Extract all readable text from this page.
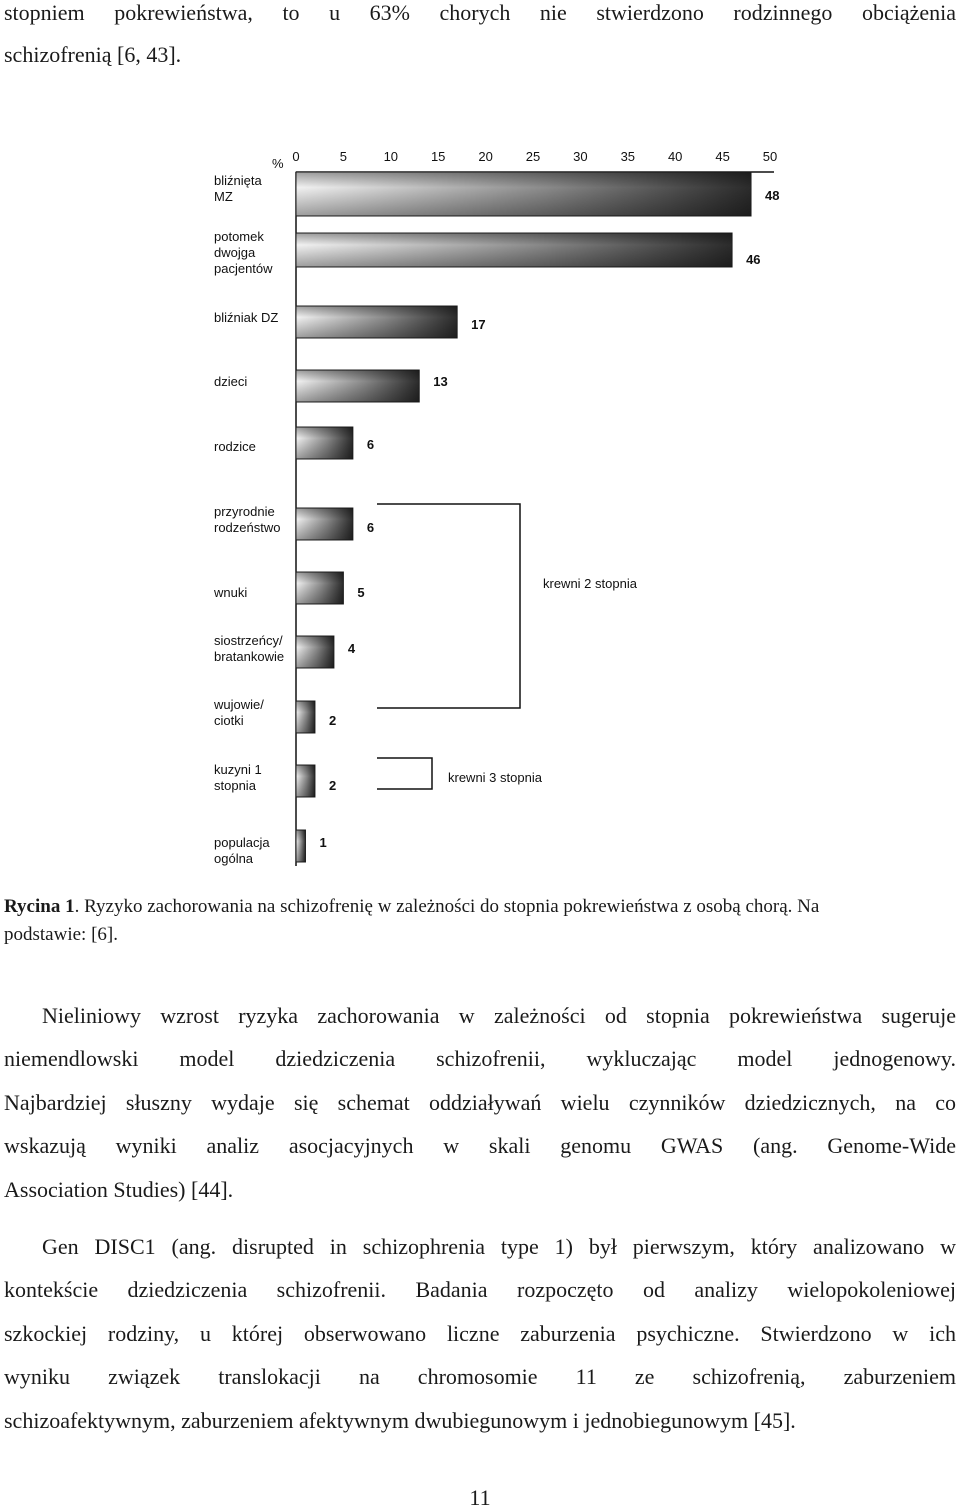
stopniem pokrewieństwa, to u 63% chorych nie stwierdzono rodzinnego obciążenia
schizofrenią [6, 43].
0	5	10	15	20	25	30	35	40	45	50
%
bliźnięta
MZ
potomek
dwojga
pacjentów
bliźniak DZ
dzieci
rodzice
przyrodnie
rodzeństwo
wnuki
siostrzeńcy/
bratankowie
wujowie/
ciotki
kuzyni 1
stopnia
populacja
ogólna
48
46
17
13
6
6
5
4
2
2
1
krewni 2 stopnia
krewni 3 stopnia
Rycina 1. Ryzyko zachorowania na schizofrenię w zależności do stopnia pokrewieństwa z osobą chorą. Na
podstawie: [6].
Nieliniowy wzrost ryzyka zachorowania w zależności od stopnia pokrewieństwa sugeruje
niemendlowski model dziedziczenia schizofrenii, wykluczając model jednogenowy.
Najbardziej słuszny wydaje się schemat oddziaływań wielu czynników dziedzicznych, na co
wskazują wyniki analiz asocjacyjnych w skali genomu GWAS (ang. Genome-Wide
Association Studies) [44].
Gen DISC1 (ang. disrupted in schizophrenia type 1) był pierwszym, który analizowano w
kontekście dziedziczenia schizofrenii. Badania rozpoczęto od analizy wielopokoleniowej
szkockiej rodziny, u której obserwowano liczne zaburzenia psychiczne. Stwierdzono w ich
wyniku związek translokacji na chromosomie 11 ze schizofrenią, zaburzeniem
schizoafektywnym, zaburzeniem afektywnym dwubiegunowym i jednobiegunowym [45].
11
